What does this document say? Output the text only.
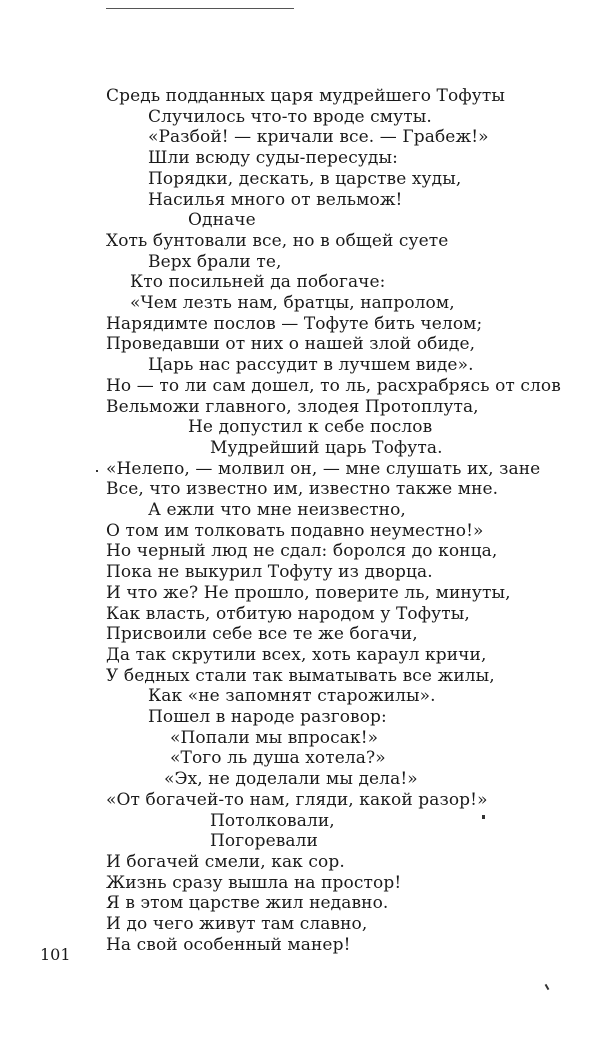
Средь подданных царя мудрейшего Тофуты
Случилось что-то вроде смуты.
«Разбой! — кричали все. — Грабеж!»
Шли всюду суды-пересуды:
Порядки, дескать, в царстве худы,
Насилья много от вельмож!
Одначе
Хоть бунтовали все, но в общей суете
Верх брали те,
Кто посильней да побогаче:
«Чем лезть нам, братцы, напролом,
Нарядимте послов — Тофуте бить челом;
Проведавши от них о нашей злой обиде,
Царь нас рассудит в лучшем виде».
Но — то ли сам дошел, то ль, расхрабрясь от слов
Вельможи главного, злодея Протоплута,
Не допустил к себе послов
Мудрейший царь Тофута.
«Нелепо, — молвил он, — мне слушать их, зане
Все, что известно им, известно также мне.
А ежли что мне неизвестно,
О том им толковать подавно неуместно!»
Но черный люд не сдал: боролся до конца,
Пока не выкурил Тофуту из дворца.
И что же? Не прошло, поверите ль, минуты,
Как власть, отбитую народом у Тофуты,
Присвоили себе все те же богачи,
Да так скрутили всех, хоть караул кричи,
У бедных стали так выматывать все жилы,
Как «не запомнят старожилы».
Пошел в народе разговор:
«Попали мы впросак!»
«Того ль душа хотела?»
«Эх, не доделали мы дела!»
«От богачей-то нам, гляди, какой разор!»
Потолковали,
Погоревали
И богачей смели, как сор.
Жизнь сразу вышла на простор!
Я в этом царстве жил недавно.
И до чего живут там славно,
На свой особенный манер!
101
